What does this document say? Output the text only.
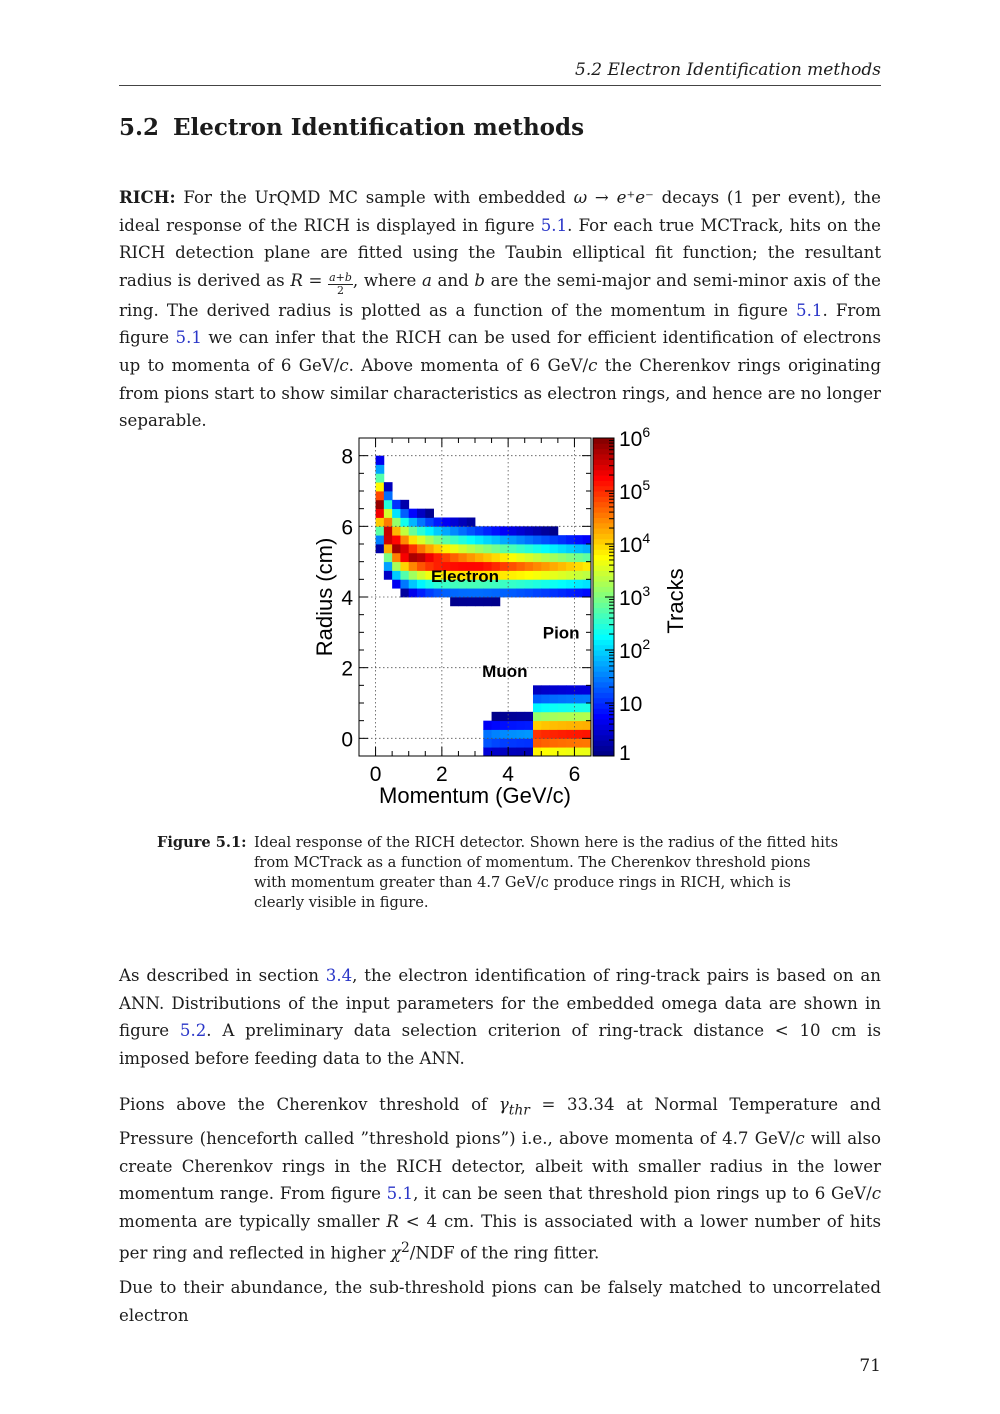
5.2 Electron Identification methods
5.2 Electron Identification methods

RICH: For the UrQMD MC sample with embedded ω → e⁺e⁻ decays (1 per event), the ideal response of the RICH is displayed in figure 5.1. For each true MCTrack, hits on the RICH detection plane are fitted using the Taubin elliptical fit function; the resultant radius is derived as $R = \frac{a+b}{2}$ , where a and b are the semi-major and semi-minor axis of the ring. The derived radius is plotted as a function of the momentum in figure 5.1. From figure 5.1 we can infer that the RICH can be used for efficient identification of electrons up to momenta of 6 GeV/c. Above momenta of 6 GeV/c the Cherenkov rings originating from pions start to show similar characteristics as electron rings, and hence are no longer separable.

0	2	4	6
0
2
4
6
8
Momentum (GeV/c)
Radius (cm)	Electron
Pion
Muon
1
10
$10^2$
$10^3$
$10^4$
$10^5$
$10^6$
Tracks
Figure 5.1: Ideal response of the RICH detector. Shown here is the radius of the fitted hits from MCTrack as a function of momentum. The Cherenkov threshold pions with momentum greater than 4.7 GeV/c produce rings in RICH, which is clearly visible in figure.

As described in section 3.4, the electron identification of ring-track pairs is based on an ANN. Distributions of the input parameters for the embedded omega data are shown in figure 5.2. A preliminary data selection criterion of ring-track distance < 10 cm is imposed before feeding data to the ANN.

Pions above the Cherenkov threshold of $\gamma_{thr} = 33.34$ at Normal Temperature and Pressure (henceforth called ”threshold pions”) i.e., above momenta of 4.7 GeV/c will also create Cherenkov rings in the RICH detector, albeit with smaller radius in the lower momentum range. From figure 5.1, it can be seen that threshold pion rings up to 6 GeV/c momenta are typically smaller R < 4 cm. This is associated with a lower number of hits per ring and reflected in higher $\chi^2$/NDF of the ring fitter.

Due to their abundance, the sub-threshold pions can be falsely matched to uncorrelated electron

71
